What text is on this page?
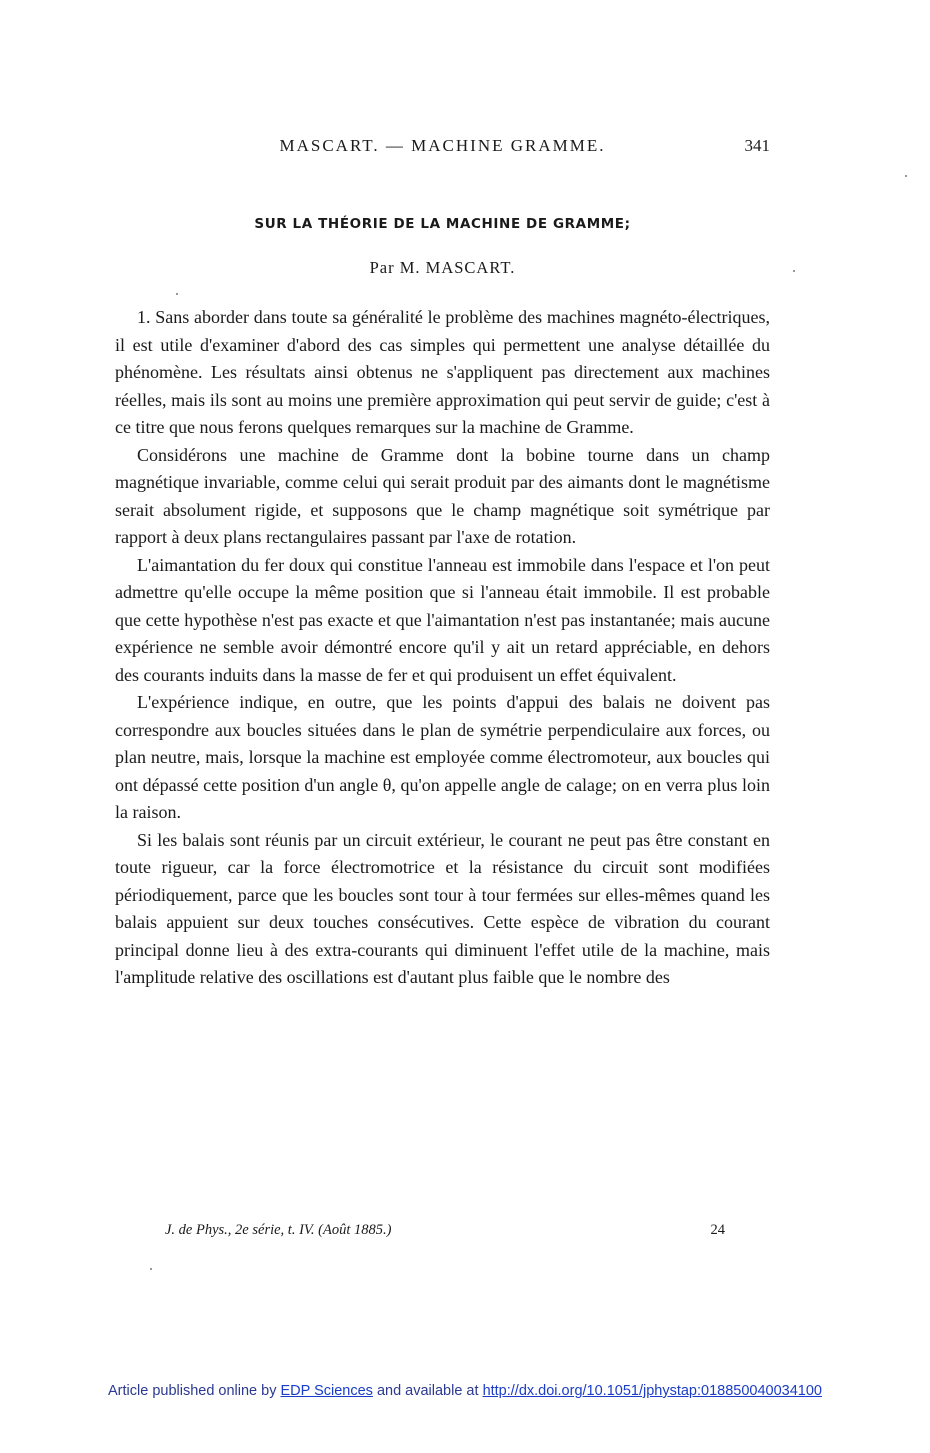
MASCART. — MACHINE GRAMME.	341
SUR LA THÉORIE DE LA MACHINE DE GRAMME;
Par M. MASCART.

1. Sans aborder dans toute sa généralité le problème des machines magnéto-électriques, il est utile d'examiner d'abord des cas simples qui permettent une analyse détaillée du phénomène. Les résultats ainsi obtenus ne s'appliquent pas directement aux machines réelles, mais ils sont au moins une première approximation qui peut servir de guide; c'est à ce titre que nous ferons quelques remarques sur la machine de Gramme.

Considérons une machine de Gramme dont la bobine tourne dans un champ magnétique invariable, comme celui qui serait produit par des aimants dont le magnétisme serait absolument rigide, et supposons que le champ magnétique soit symétrique par rapport à deux plans rectangulaires passant par l'axe de rotation.

L'aimantation du fer doux qui constitue l'anneau est immobile dans l'espace et l'on peut admettre qu'elle occupe la même position que si l'anneau était immobile. Il est probable que cette hypothèse n'est pas exacte et que l'aimantation n'est pas instantanée; mais aucune expérience ne semble avoir démontré encore qu'il y ait un retard appréciable, en dehors des courants induits dans la masse de fer et qui produisent un effet équivalent.

L'expérience indique, en outre, que les points d'appui des balais ne doivent pas correspondre aux boucles situées dans le plan de symétrie perpendiculaire aux forces, ou plan neutre, mais, lorsque la machine est employée comme électromoteur, aux boucles qui ont dépassé cette position d'un angle θ, qu'on appelle angle de calage; on en verra plus loin la raison.

Si les balais sont réunis par un circuit extérieur, le courant ne peut pas être constant en toute rigueur, car la force électromotrice et la résistance du circuit sont modifiées périodiquement, parce que les boucles sont tour à tour fermées sur elles-mêmes quand les balais appuient sur deux touches consécutives. Cette espèce de vibration du courant principal donne lieu à des extra-courants qui diminuent l'effet utile de la machine, mais l'amplitude relative des oscillations est d'autant plus faible que le nombre des

J. de Phys., 2e série, t. IV. (Août 1885.)	24
Article published online by EDP Sciences and available at http://dx.doi.org/10.1051/jphystap:018850040034100
